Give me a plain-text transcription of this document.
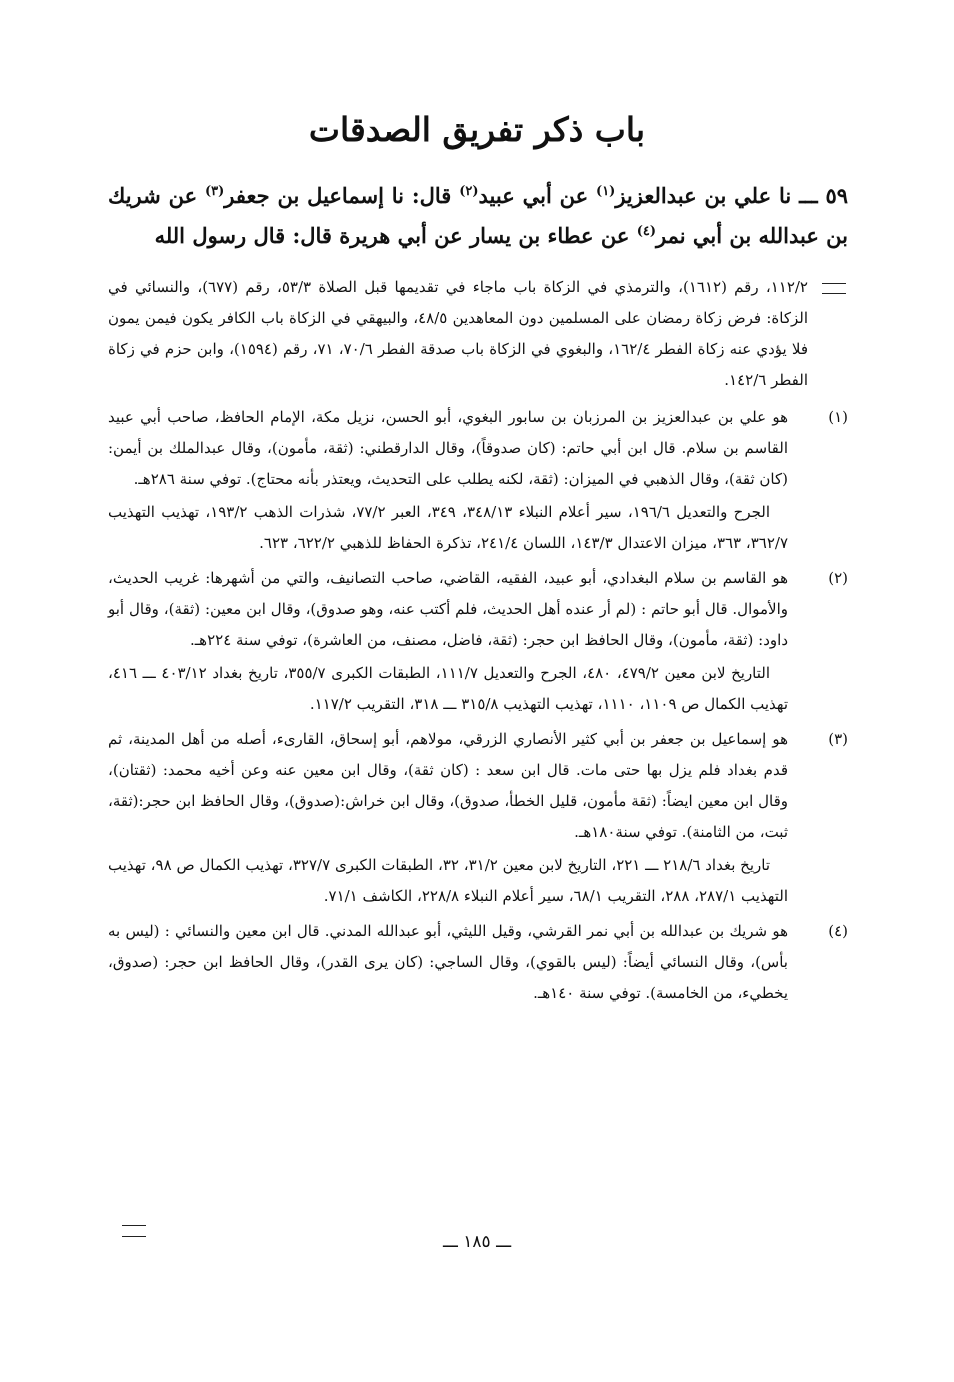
باب ذكر تفريق الصدقات

٥٩ ـــ نا علي بن عبدالعزيز$^{(١)}$ عن أبي عبيد$^{(٢)}$ قال: نا إسماعيل بن جعفر$^{(٣)}$ عن شريك بن عبدالله بن أبي نمر$^{(٤)}$ عن عطاء بن يسار عن أبي هريرة قال: قال رسول الله

١١٢/٢، رقم (١٦١٢)، والترمذي في الزكاة باب ماجاء في تقديمها قبل الصلاة ٥٣/٣، رقم (٦٧٧)، والنسائي في الزكاة: فرض زكاة رمضان على المسلمين دون المعاهدين ٤٨/٥، والبيهقي في الزكاة باب الكافر يكون فيمن يمون فلا يؤدي عنه زكاة الفطر ١٦٢/٤، والبغوي في الزكاة باب صدقة الفطر ٧٠/٦، ٧١، رقم (١٥٩٤)، وابن حزم في زكاة الفطر ١٤٢/٦.

(١)

هو علي بن عبدالعزيز بن المرزبان بن سابور البغوي، أبو الحسن، نزيل مكة، الإمام الحافظ، صاحب أبي عبيد القاسم بن سلام. قال ابن أبي حاتم: (كان صدوقاً)، وقال الدارقطني: (ثقة، مأمون)، وقال عبدالملك بن أيمن: (كان ثقة)، وقال الذهبي في الميزان: (ثقة، لكنه يطلب على التحديث، ويعتذر بأنه محتاج). توفي سنة ٢٨٦هـ.

الجرح والتعديل ١٩٦/٦، سير أعلام النبلاء ٣٤٨/١٣، ٣٤٩، العبر ٧٧/٢، شذرات الذهب ١٩٣/٢، تهذيب التهذيب ٣٦٢/٧، ٣٦٣، ميزان الاعتدال ١٤٣/٣، اللسان ٢٤١/٤، تذكرة الحفاظ للذهبي ٦٢٢/٢، ٦٢٣.

(٢)

هو القاسم بن سلام البغدادي، أبو عبيد، الفقيه، القاضي، صاحب التصانيف، والتي من أشهرها: غريب الحديث، والأموال. قال أبو حاتم : (لم أر عنده أهل الحديث، فلم أكتب عنه، وهو صدوق)، وقال ابن معين: (ثقة)، وقال أبو داود: (ثقة، مأمون)، وقال الحافظ ابن حجر: (ثقة، فاضل، مصنف، من العاشرة)، توفي سنة ٢٢٤هـ.

التاريخ لابن معين ٤٧٩/٢، ٤٨٠، الجرح والتعديل ١١١/٧، الطبقات الكبرى ٣٥٥/٧، تاريخ بغداد ٤٠٣/١٢ ـــ ٤١٦، تهذيب الكمال ص ١١٠٩، ١١١٠، تهذيب التهذيب ٣١٥/٨ ـــ ٣١٨، التقريب ١١٧/٢.

(٣)

هو إسماعيل بن جعفر بن أبي كثير الأنصاري الزرقي، مولاهم، أبو إسحاق، القارىء، أصله من أهل المدينة، ثم قدم بغداد فلم يزل بها حتى مات. قال ابن سعد : (كان ثقة)، وقال ابن معين عنه وعن أخيه محمد: (ثقتان)، وقال ابن معين ايضاً: (ثقة مأمون، قليل الخطأ، صدوق)، وقال ابن خراش:(صدوق)، وقال الحافظ ابن حجر:(ثقة، ثبت، من الثامنة). توفي سنة١٨٠هـ.

تاريخ بغداد ٢١٨/٦ ـــ ٢٢١، التاريخ لابن معين ٣١/٢، ٣٢، الطبقات الكبرى ٣٢٧/٧، تهذيب الكمال ص ٩٨، تهذيب التهذيب ٢٨٧/١، ٢٨٨، التقريب ٦٨/١، سير أعلام النبلاء ٢٢٨/٨، الكاشف ٧١/١.

(٤)

هو شريك بن عبدالله بن أبي نمر القرشي، وقيل الليثي، أبو عبدالله المدني. قال ابن معين والنسائي : (ليس به بأس)، وقال النسائي أيضاً: (ليس بالقوي)، وقال الساجي: (كان يرى القدر)، وقال الحافظ ابن حجر: (صدوق، يخطيء، من الخامسة). توفي سنة ١٤٠هـ.

ـــ ١٨٥ ـــ
